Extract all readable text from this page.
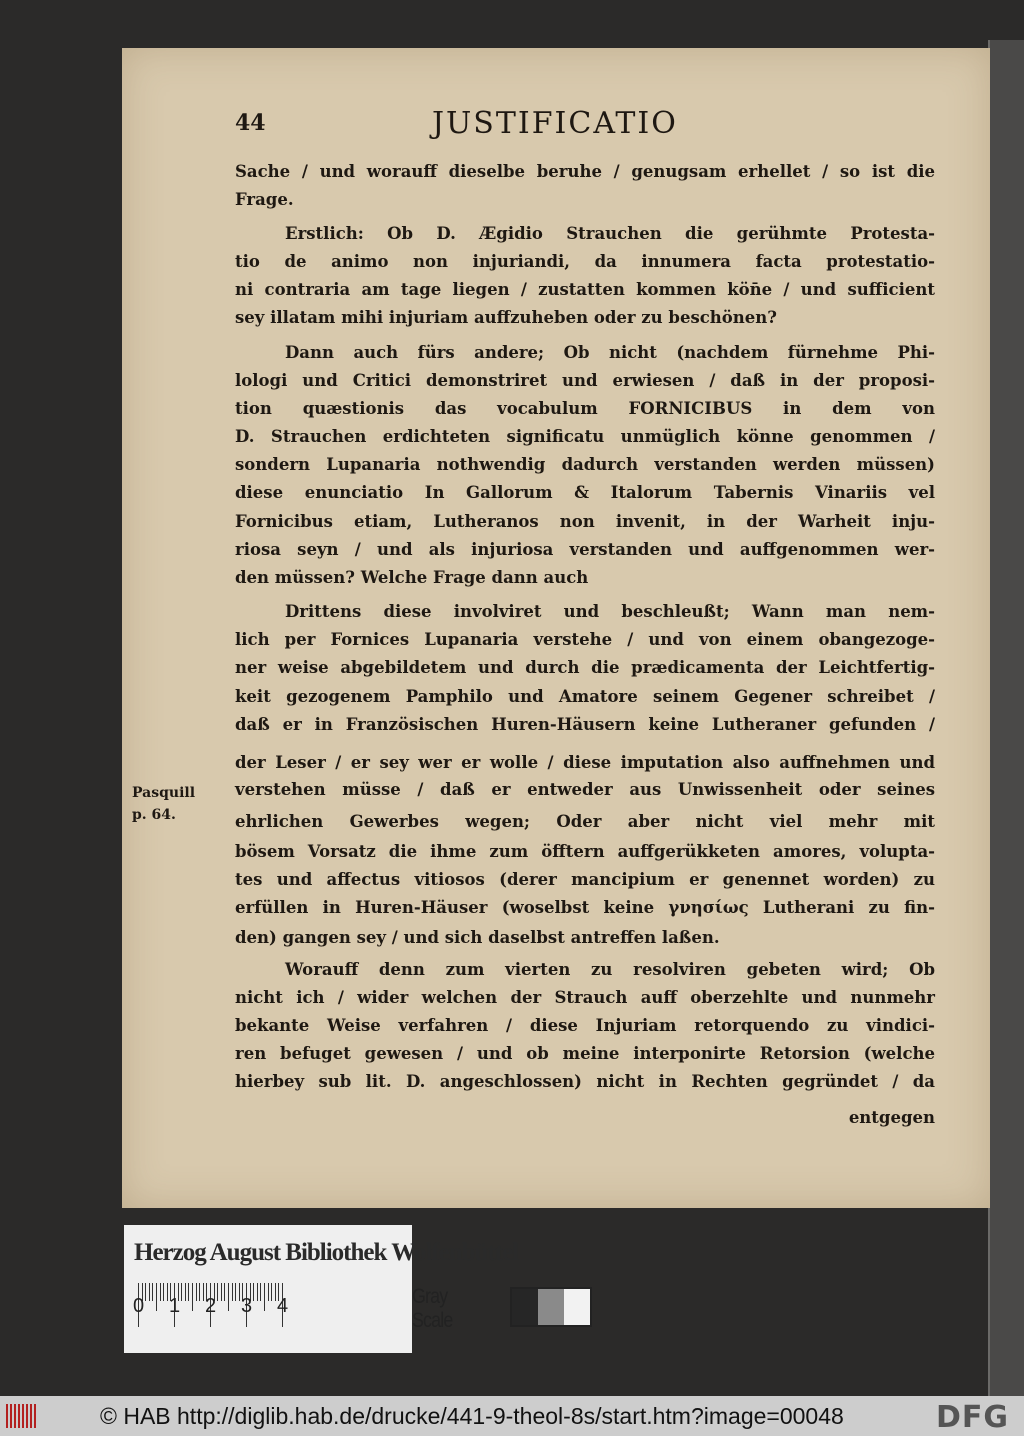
44	JUSTIFICATIO
Sache / und worauff dieselbe beruhe / genugsam erhellet / so ist die
Frage.
Erstlich: Ob D. Ægidio Strauchen die gerühmte Protesta-
tio de animo non injuriandi, da innumera facta protestatio-
ni contraria am tage liegen / zustatten kommen kön̄e / und sufficient
sey illatam mihi injuriam auffzuheben oder zu beschönen?
Dann auch fürs andere; Ob nicht (nachdem fürnehme Phi-
lologi und Critici demonstriret und erwiesen / daß in der proposi-
tion quæstionis das vocabulum FORNICIBUS in dem von
D. Strauchen erdichteten significatu unmüglich könne genommen /
sondern Lupanaria nothwendig dadurch verstanden werden müssen)
diese enunciatio In Gallorum & Italorum Tabernis Vinariis vel
Fornicibus etiam, Lutheranos non invenit, in der Warheit inju-
riosa seyn / und als injuriosa verstanden und auffgenommen wer-
den müssen? Welche Frage dann auch
Drittens diese involviret und beschleußt; Wann man nem-
lich per Fornices Lupanaria verstehe / und von einem obangezoge-
ner weise abgebildetem und durch die prædicamenta der Leichtfertig-
keit gezogenem Pamphilo und Amatore seinem Gegener schreibet /
daß er in Französischen Huren-Häusern keine Lutheraner gefunden /
der Leser / er sey wer er wolle / diese imputation also auffnehmen und
verstehen müsse / daß er entweder aus Unwissenheit oder seines
ehrlichen Gewerbes wegen; Oder aber nicht viel mehr mit
bösem Vorsatz die ihme zum öfftern auffgerükketen amores, volupta-
tes und affectus vitiosos (derer mancipium er genennet worden) zu
erfüllen in Huren-Häuser (woselbst keine γνησίως Lutherani zu fin-
den) gangen sey / und sich daselbst antreffen laßen.
Worauff denn zum vierten zu resolviren gebeten wird; Ob
nicht ich / wider welchen der Strauch auff oberzehlte und nunmehr
bekante Weise verfahren / diese Injuriam retorquendo zu vindici-
ren befuget gewesen / und ob meine interponirte Retorsion (welche
hierbey sub lit. D. angeschlossen) nicht in Rechten gegründet / da
entgegen
Pasquill
p. 64.
Herzog August Bibliothek Wolfenbüttel
0 1 2 3 4	Gray Scale
© HAB http://diglib.hab.de/drucke/441-9-theol-8s/start.htm?image=00048	DFG
